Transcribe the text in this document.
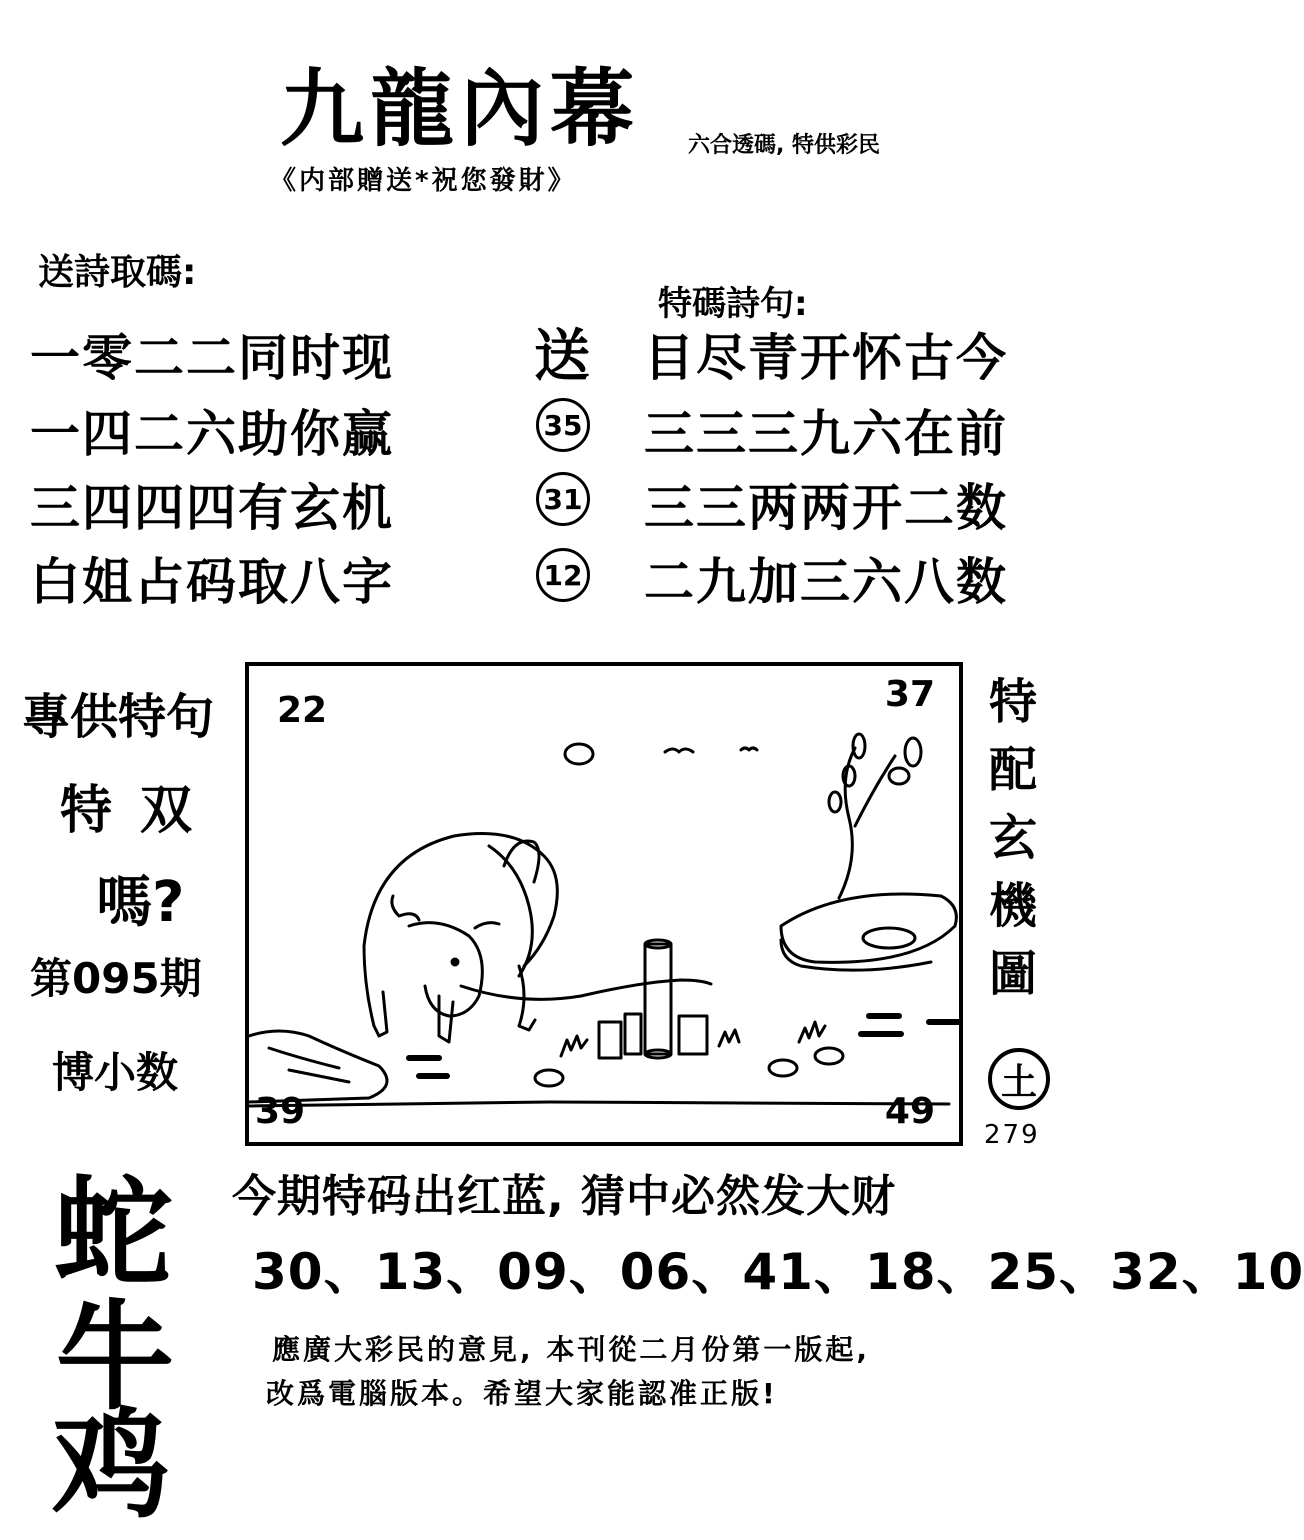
九龍內幕 六合透碼, 特供彩民
《内部贈送*祝您發財》
送詩取碼:
特碼詩句:
一零二二同时现
一四二六助你赢
三四四四有玄机
白姐占码取八字
送
35
31
12
目尽青开怀古今
三三三九六在前
三三两两开二数
二九加三六八数
專供特句
特双
嗎?
第095期
博小数
22	37
39	49
特配玄機圖
土
279
蛇
牛
鸡
今期特码出红蓝, 猜中必然发大财
30、13、09、06、41、18、25、32、10
應廣大彩民的意見, 本刊從二月份第一版起,
改爲電腦版本。希望大家能認准正版!
